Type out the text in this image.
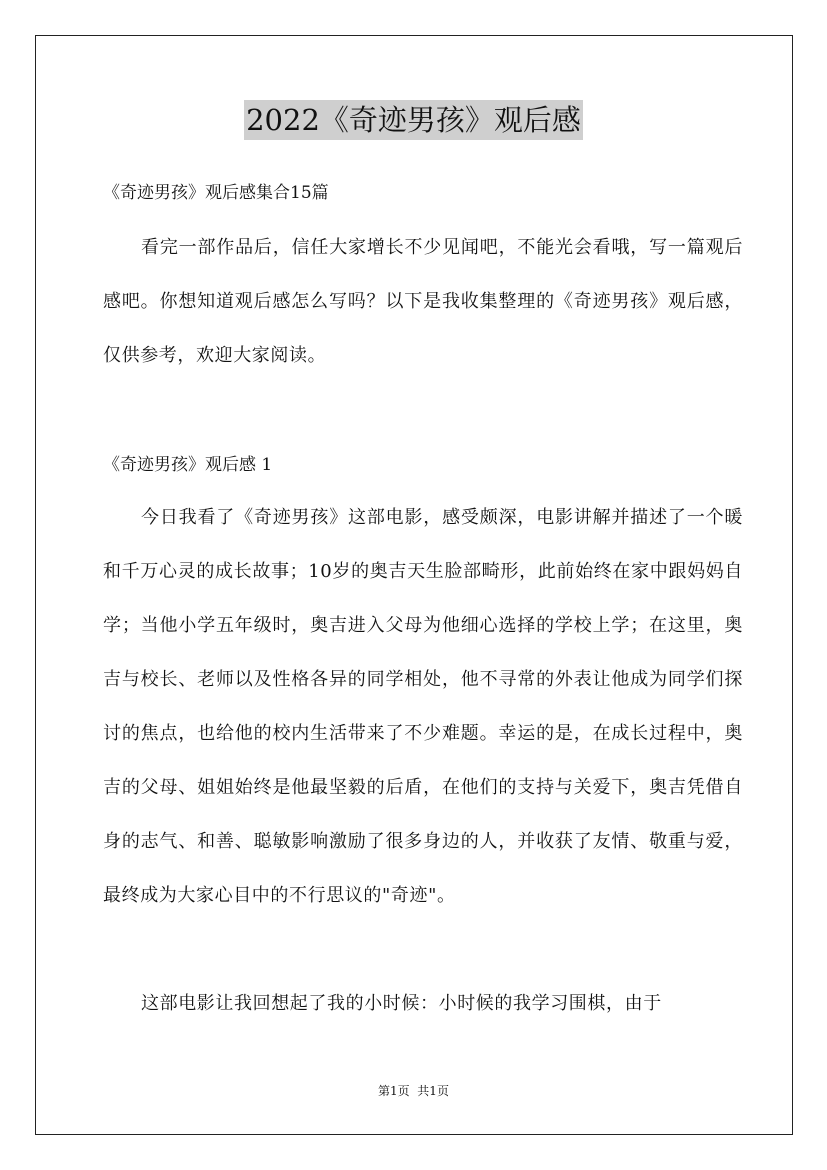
2022《奇迹男孩》观后感
《奇迹男孩》观后感集合15篇

看完一部作品后，信任大家增长不少见闻吧，不能光会看哦，写一篇观后感吧。你想知道观后感怎么写吗？以下是我收集整理的《奇迹男孩》观后感，仅供参考，欢迎大家阅读。

《奇迹男孩》观后感 1

今日我看了《奇迹男孩》这部电影，感受颇深，电影讲解并描述了一个暖和千万心灵的成长故事；10岁的奥吉天生脸部畸形，此前始终在家中跟妈妈自学；当他小学五年级时，奥吉进入父母为他细心选择的学校上学；在这里，奥吉与校长、老师以及性格各异的同学相处，他不寻常的外表让他成为同学们探讨的焦点，也给他的校内生活带来了不少难题。幸运的是，在成长过程中，奥吉的父母、姐姐始终是他最坚毅的后盾，在他们的支持与关爱下，奥吉凭借自身的志气、和善、聪敏影响激励了很多身边的人，并收获了友情、敬重与爱，最终成为大家心目中的不行思议的"奇迹"。

这部电影让我回想起了我的小时候：小时候的我学习围棋，由于

第1页  共1页
